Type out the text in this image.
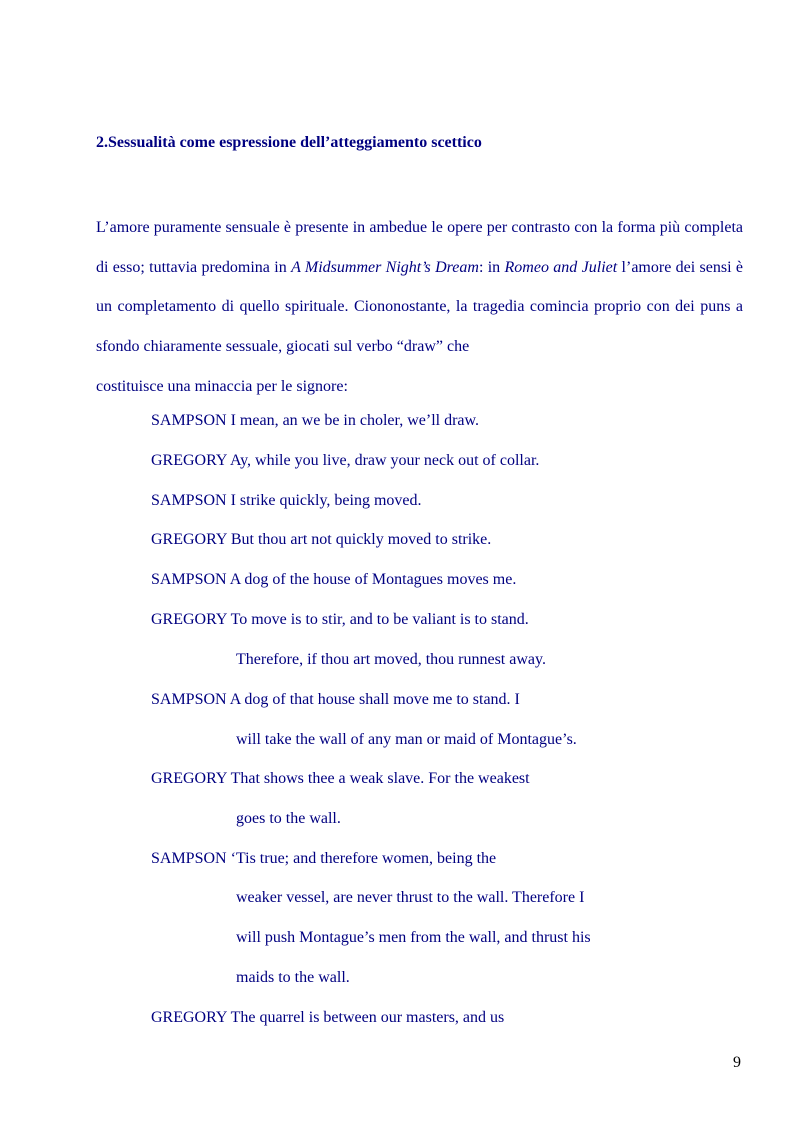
2.Sessualità come espressione dell’atteggiamento scettico
L’amore puramente sensuale è presente in ambedue le opere per contrasto con la forma più completa di esso; tuttavia predomina in A Midsummer Night’s Dream: in Romeo and Juliet l’amore dei sensi è un completamento di quello spirituale. Ciononostante, la tragedia comincia proprio con dei puns a sfondo chiaramente sessuale, giocati sul verbo “draw” che
costituisce una minaccia per le signore:
SAMPSON I mean, an we be in choler, we’ll draw.
GREGORY Ay, while you live, draw your neck out of collar.
SAMPSON I strike quickly, being moved.
GREGORY But thou art not quickly moved to strike.
SAMPSON A dog of the house of Montagues moves me.
GREGORY To move is to stir, and to be valiant is to stand.
Therefore, if thou art moved, thou runnest away.
SAMPSON A dog of that house shall move me to stand. I
will take the wall of any man or maid of Montague’s.
GREGORY That shows thee a weak slave. For the weakest
goes to the wall.
SAMPSON ‘Tis true; and therefore women, being the
weaker vessel, are never thrust to the wall. Therefore I
will push Montague’s men from the wall, and thrust his
maids to the wall.
GREGORY The quarrel is between our masters, and us
9
